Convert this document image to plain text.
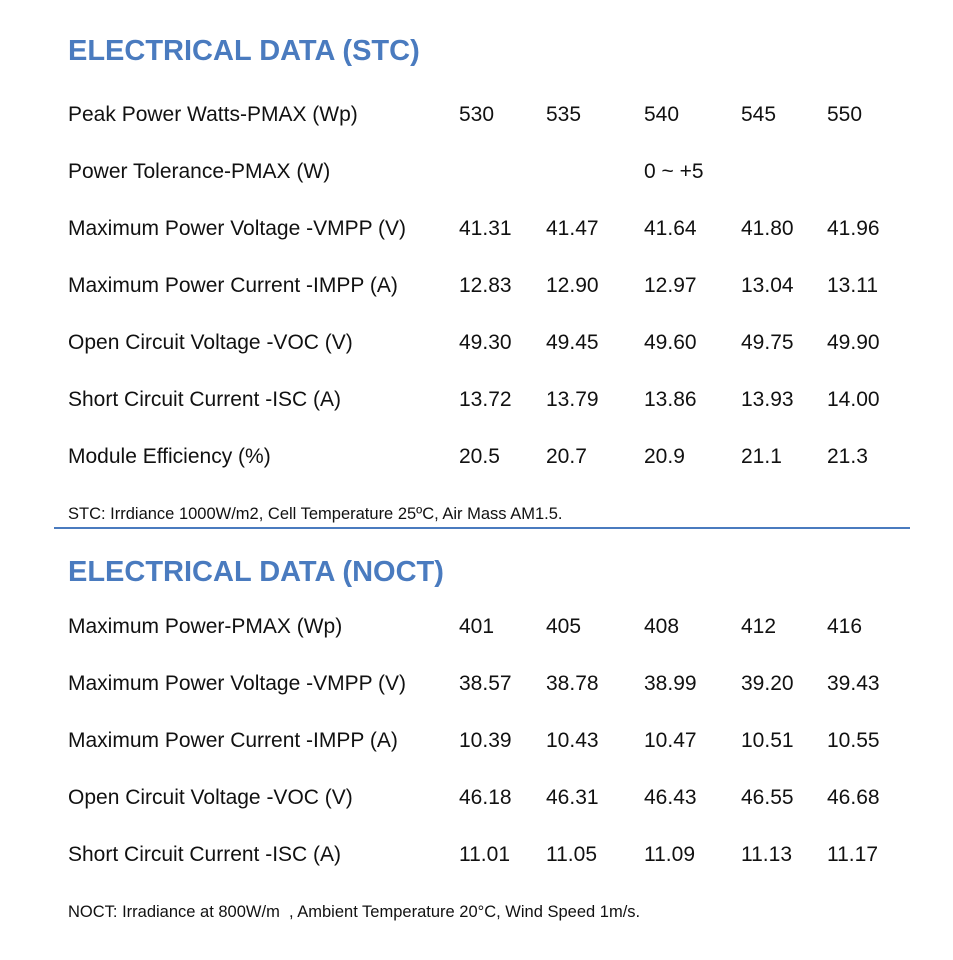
ELECTRICAL DATA (STC)
Peak Power Watts-PMAX (Wp)	530 535	540	545 550
Power Tolerance-PMAX (W)	0 ~ +5
Maximum Power Voltage -VMPP (V)	41.31 41.47 41.64 41.80 41.96
Maximum Power Current -IMPP (A)	12.83 12.90 12.97 13.04 13.11
Open Circuit Voltage -VOC (V)	49.30 49.45 49.60 49.75 49.90
Short Circuit Current -ISC (A)	13.72 13.79 13.86 13.93 14.00
Module Efficiency (%)	20.5 20.7	20.9	21.1 21.3
STC: Irrdiance 1000W/m2, Cell Temperature 25ºC, Air Mass AM1.5.
ELECTRICAL DATA (NOCT)
Maximum Power-PMAX (Wp)	401 405	408	412 416
Maximum Power Voltage -VMPP (V)	38.57 38.78 38.99 39.20 39.43
Maximum Power Current -IMPP (A)	10.39 10.43 10.47 10.51 10.55
Open Circuit Voltage -VOC (V)	46.18 46.31 46.43 46.55 46.68
Short Circuit Current -ISC (A)	11.01 11.05 11.09 11.13 11.17
NOCT: Irradiance at 800W/m  , Ambient Temperature 20°C, Wind Speed 1m/s.
